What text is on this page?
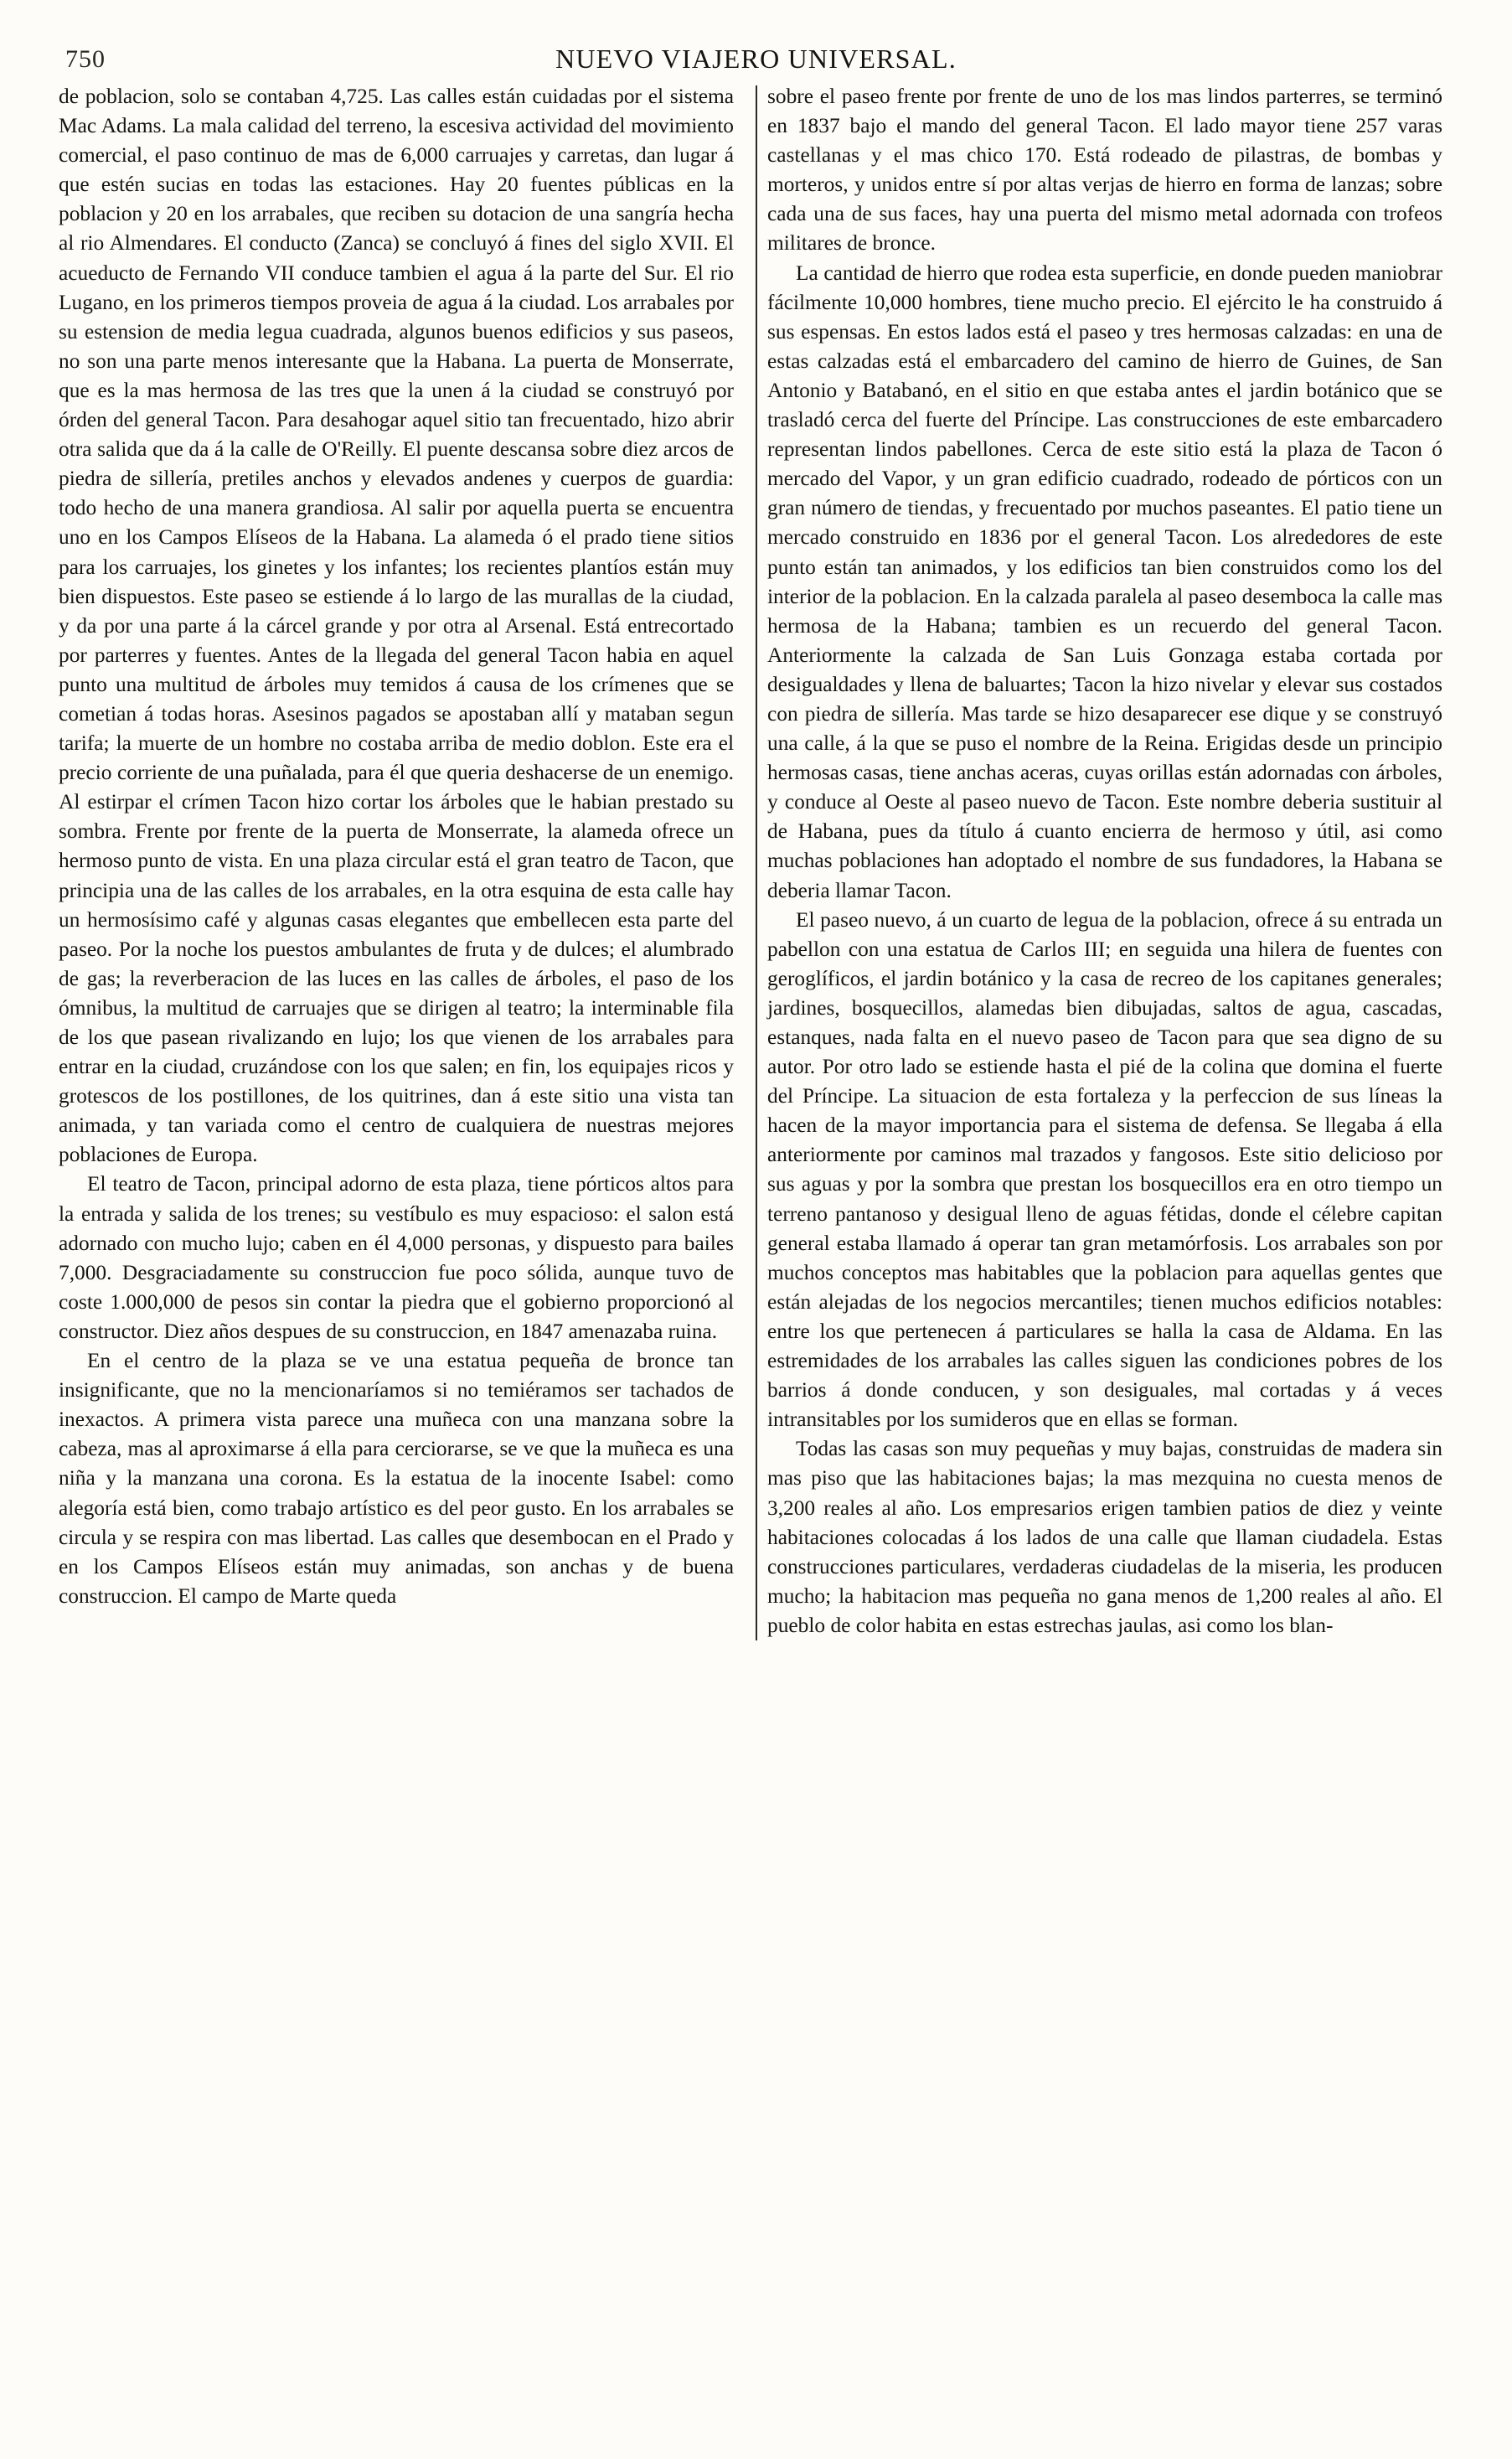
750	NUEVO VIAJERO UNIVERSAL.

de poblacion, solo se contaban 4,725. Las calles están cuidadas por el sistema Mac Adams. La mala calidad del terreno, la escesiva actividad del movimiento comercial, el paso continuo de mas de 6,000 carruajes y carretas, dan lugar á que estén sucias en todas las estaciones. Hay 20 fuentes públicas en la poblacion y 20 en los arrabales, que reciben su dotacion de una sangría hecha al rio Almendares. El conducto (Zanca) se concluyó á fines del siglo XVII. El acueducto de Fernando VII conduce tambien el agua á la parte del Sur. El rio Lugano, en los primeros tiempos proveia de agua á la ciudad. Los arrabales por su estension de media legua cuadrada, algunos buenos edificios y sus paseos, no son una parte menos interesante que la Habana. La puerta de Monserrate, que es la mas hermosa de las tres que la unen á la ciudad se construyó por órden del general Tacon. Para desahogar aquel sitio tan frecuentado, hizo abrir otra salida que da á la calle de O'Reilly. El puente descansa sobre diez arcos de piedra de sillería, pretiles anchos y elevados andenes y cuerpos de guardia: todo hecho de una manera grandiosa. Al salir por aquella puerta se encuentra uno en los Campos Elíseos de la Habana. La alameda ó el prado tiene sitios para los carruajes, los ginetes y los infantes; los recientes plantíos están muy bien dispuestos. Este paseo se estiende á lo largo de las murallas de la ciudad, y da por una parte á la cárcel grande y por otra al Arsenal. Está entrecortado por parterres y fuentes. Antes de la llegada del general Tacon habia en aquel punto una multitud de árboles muy temidos á causa de los crímenes que se cometian á todas horas. Asesinos pagados se apostaban allí y mataban segun tarifa; la muerte de un hombre no costaba arriba de medio doblon. Este era el precio corriente de una puñalada, para él que queria deshacerse de un enemigo. Al estirpar el crímen Tacon hizo cortar los árboles que le habian prestado su sombra. Frente por frente de la puerta de Monserrate, la alameda ofrece un hermoso punto de vista. En una plaza circular está el gran teatro de Tacon, que principia una de las calles de los arrabales, en la otra esquina de esta calle hay un hermosísimo café y algunas casas elegantes que embellecen esta parte del paseo. Por la noche los puestos ambulantes de fruta y de dulces; el alumbrado de gas; la reverberacion de las luces en las calles de árboles, el paso de los ómnibus, la multitud de carruajes que se dirigen al teatro; la interminable fila de los que pasean rivalizando en lujo; los que vienen de los arrabales para entrar en la ciudad, cruzándose con los que salen; en fin, los equipajes ricos y grotescos de los postillones, de los quitrines, dan á este sitio una vista tan animada, y tan variada como el centro de cualquiera de nuestras mejores poblaciones de Europa.

El teatro de Tacon, principal adorno de esta plaza, tiene pórticos altos para la entrada y salida de los trenes; su vestíbulo es muy espacioso: el salon está adornado con mucho lujo; caben en él 4,000 personas, y dispuesto para bailes 7,000. Desgraciadamente su construccion fue poco sólida, aunque tuvo de coste 1.000,000 de pesos sin contar la piedra que el gobierno proporcionó al constructor. Diez años despues de su construccion, en 1847 amenazaba ruina.

En el centro de la plaza se ve una estatua pequeña de bronce tan insignificante, que no la mencionaríamos si no temiéramos ser tachados de inexactos. A primera vista parece una muñeca con una manzana sobre la cabeza, mas al aproximarse á ella para cerciorarse, se ve que la muñeca es una niña y la manzana una corona. Es la estatua de la inocente Isabel: como alegoría está bien, como trabajo artístico es del peor gusto. En los arrabales se circula y se respira con mas libertad. Las calles que desembocan en el Prado y en los Campos Elíseos están muy animadas, son anchas y de buena construccion. El campo de Marte queda

sobre el paseo frente por frente de uno de los mas lindos parterres, se terminó en 1837 bajo el mando del general Tacon. El lado mayor tiene 257 varas castellanas y el mas chico 170. Está rodeado de pilastras, de bombas y morteros, y unidos entre sí por altas verjas de hierro en forma de lanzas; sobre cada una de sus faces, hay una puerta del mismo metal adornada con trofeos militares de bronce.

La cantidad de hierro que rodea esta superficie, en donde pueden maniobrar fácilmente 10,000 hombres, tiene mucho precio. El ejército le ha construido á sus espensas. En estos lados está el paseo y tres hermosas calzadas: en una de estas calzadas está el embarcadero del camino de hierro de Guines, de San Antonio y Batabanó, en el sitio en que estaba antes el jardin botánico que se trasladó cerca del fuerte del Príncipe. Las construcciones de este embarcadero representan lindos pabellones. Cerca de este sitio está la plaza de Tacon ó mercado del Vapor, y un gran edificio cuadrado, rodeado de pórticos con un gran número de tiendas, y frecuentado por muchos paseantes. El patio tiene un mercado construido en 1836 por el general Tacon. Los alrededores de este punto están tan animados, y los edificios tan bien construidos como los del interior de la poblacion. En la calzada paralela al paseo desemboca la calle mas hermosa de la Habana; tambien es un recuerdo del general Tacon. Anteriormente la calzada de San Luis Gonzaga estaba cortada por desigualdades y llena de baluartes; Tacon la hizo nivelar y elevar sus costados con piedra de sillería. Mas tarde se hizo desaparecer ese dique y se construyó una calle, á la que se puso el nombre de la Reina. Erigidas desde un principio hermosas casas, tiene anchas aceras, cuyas orillas están adornadas con árboles, y conduce al Oeste al paseo nuevo de Tacon. Este nombre deberia sustituir al de Habana, pues da título á cuanto encierra de hermoso y útil, asi como muchas poblaciones han adoptado el nombre de sus fundadores, la Habana se deberia llamar Tacon.

El paseo nuevo, á un cuarto de legua de la poblacion, ofrece á su entrada un pabellon con una estatua de Carlos III; en seguida una hilera de fuentes con geroglíficos, el jardin botánico y la casa de recreo de los capitanes generales; jardines, bosquecillos, alamedas bien dibujadas, saltos de agua, cascadas, estanques, nada falta en el nuevo paseo de Tacon para que sea digno de su autor. Por otro lado se estiende hasta el pié de la colina que domina el fuerte del Príncipe. La situacion de esta fortaleza y la perfeccion de sus líneas la hacen de la mayor importancia para el sistema de defensa. Se llegaba á ella anteriormente por caminos mal trazados y fangosos. Este sitio delicioso por sus aguas y por la sombra que prestan los bosquecillos era en otro tiempo un terreno pantanoso y desigual lleno de aguas fétidas, donde el célebre capitan general estaba llamado á operar tan gran metamórfosis. Los arrabales son por muchos conceptos mas habitables que la poblacion para aquellas gentes que están alejadas de los negocios mercantiles; tienen muchos edificios notables: entre los que pertenecen á particulares se halla la casa de Aldama. En las estremidades de los arrabales las calles siguen las condiciones pobres de los barrios á donde conducen, y son desiguales, mal cortadas y á veces intransitables por los sumideros que en ellas se forman.

Todas las casas son muy pequeñas y muy bajas, construidas de madera sin mas piso que las habitaciones bajas; la mas mezquina no cuesta menos de 3,200 reales al año. Los empresarios erigen tambien patios de diez y veinte habitaciones colocadas á los lados de una calle que llaman ciudadela. Estas construcciones particulares, verdaderas ciudadelas de la miseria, les producen mucho; la habitacion mas pequeña no gana menos de 1,200 reales al año. El pueblo de color habita en estas estrechas jaulas, asi como los blan-
